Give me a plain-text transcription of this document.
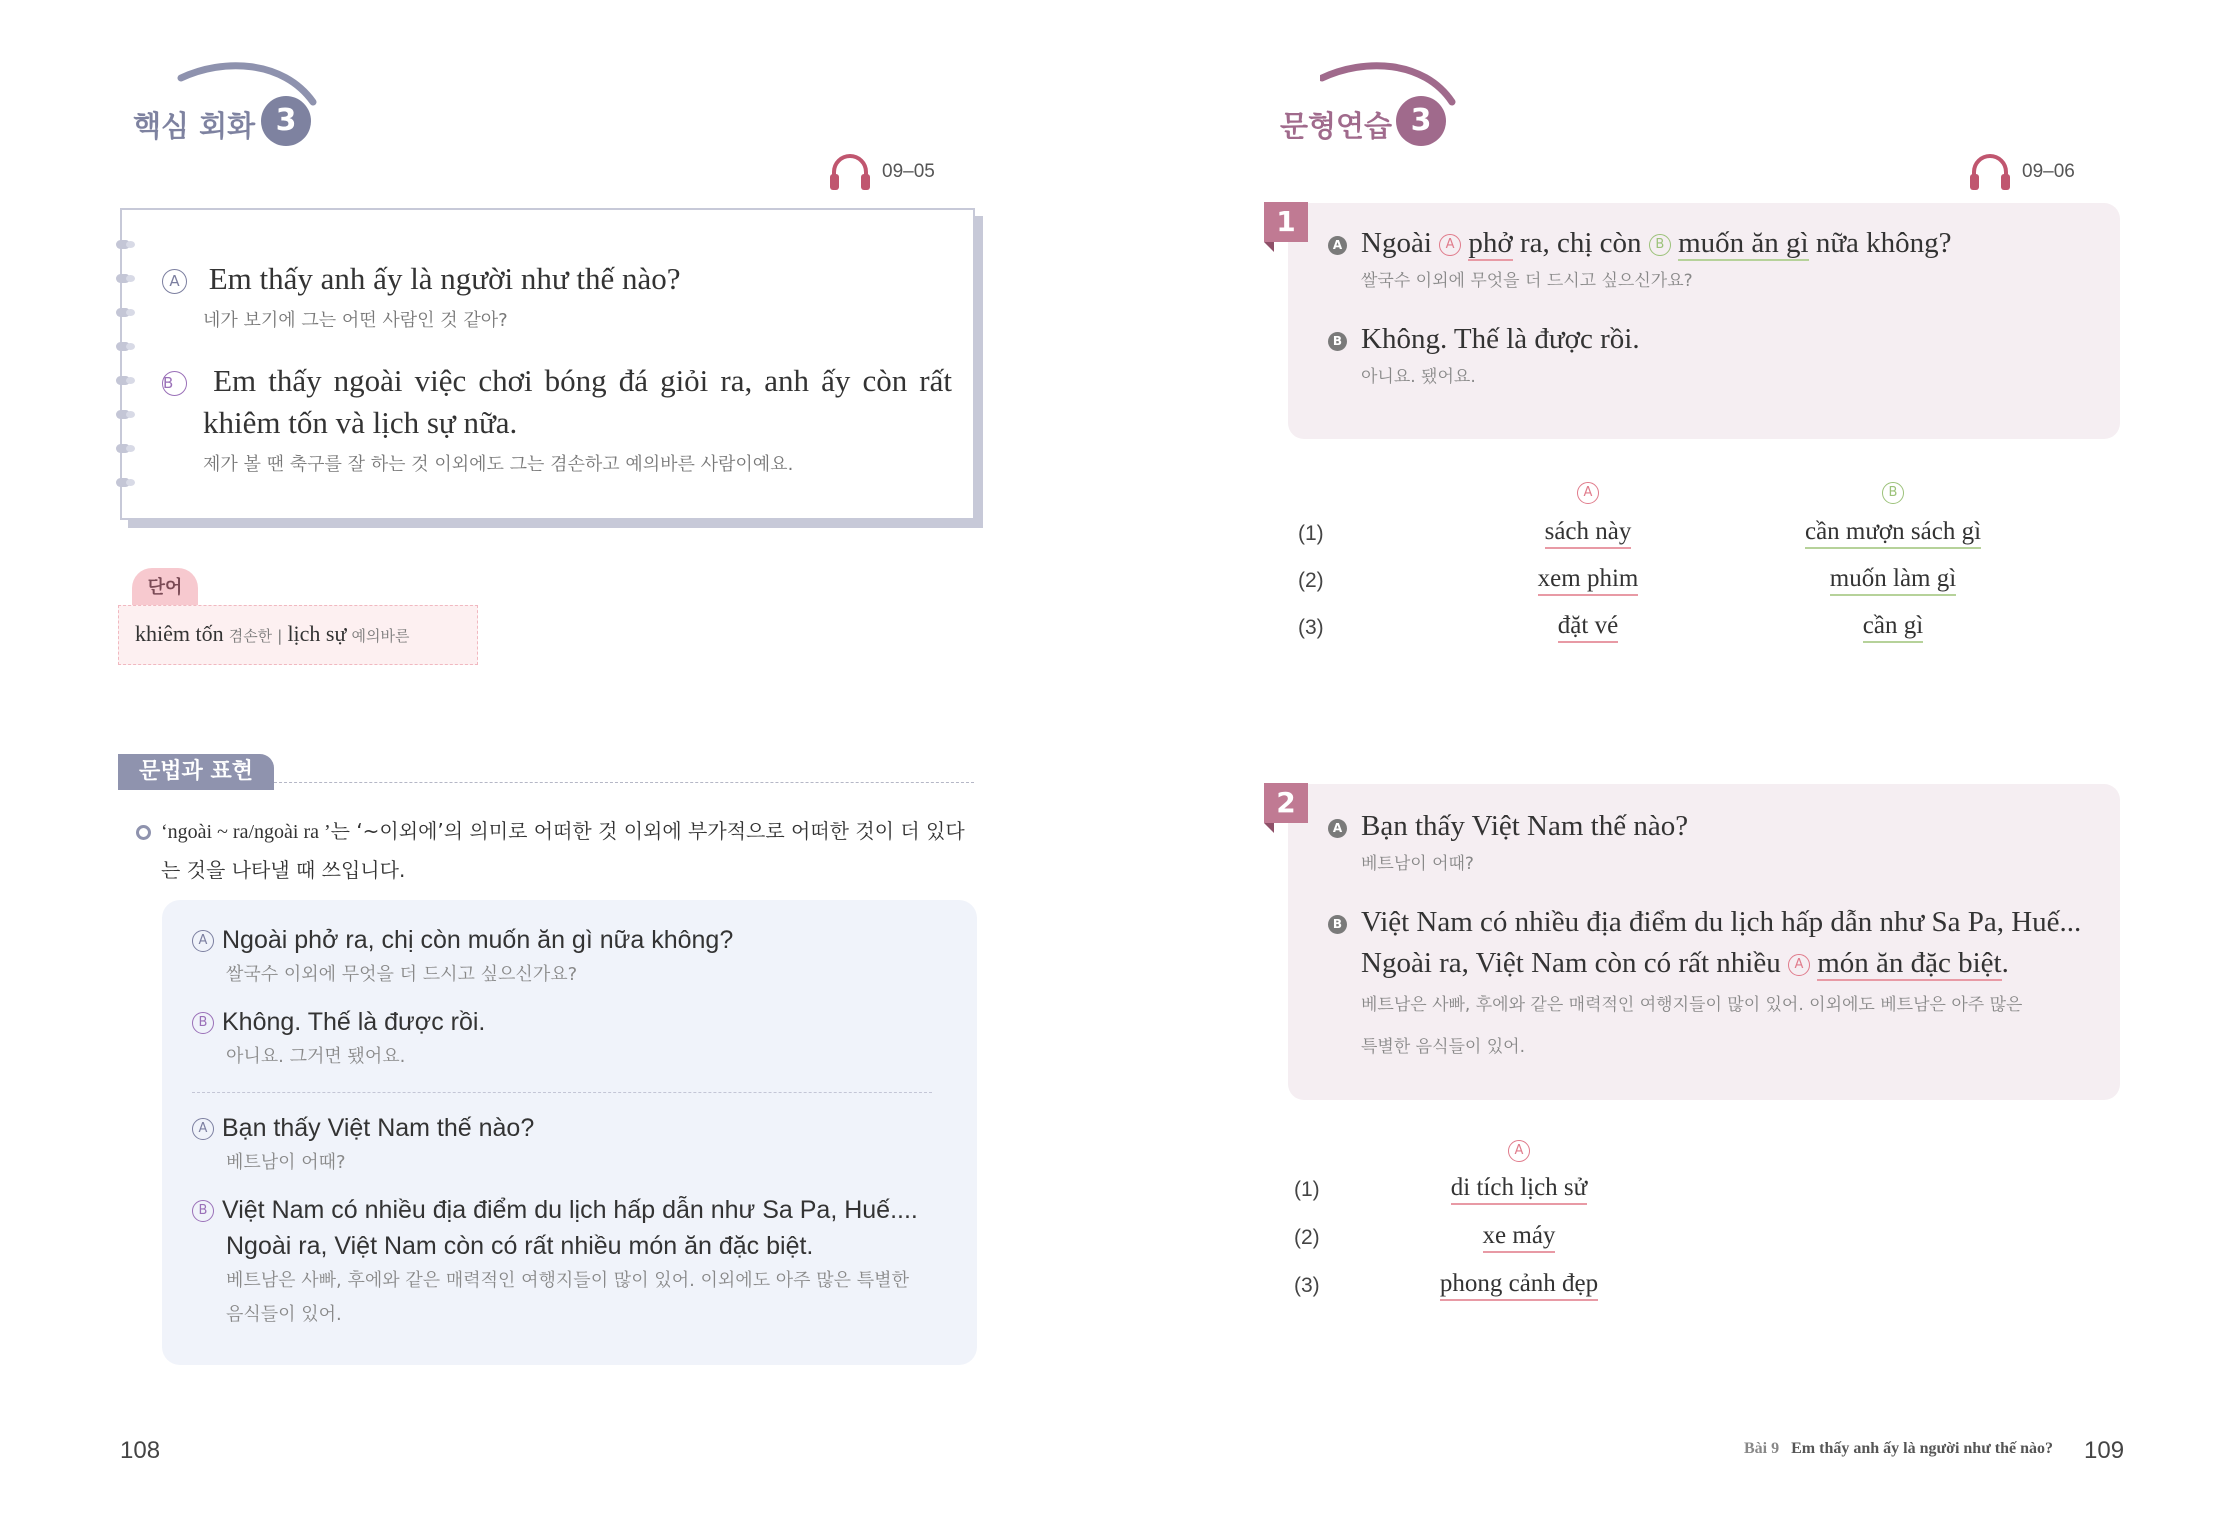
핵심 회화 3
09–05
A Em thấy anh ấy là người như thế nào?
네가 보기에 그는 어떤 사람인 것 같아?
B Em thấy ngoài việc chơi bóng đá giỏi ra, anh ấy còn rất
khiêm tốn và lịch sự nữa.
제가 볼 땐 축구를 잘 하는 것 이외에도 그는 겸손하고 예의바른 사람이예요.
단어
khiêm tốn 겸손한 | lịch sự 예의바른
문법과 표현
‘ngoài ~ ra/ngoài ra ’는 ‘~이외에’의 의미로 어떠한 것 이외에 부가적으로 어떠한 것이 더 있다
는 것을 나타낼 때 쓰입니다.
A Ngoài phở ra, chị còn muốn ăn gì nữa không?
쌀국수 이외에 무엇을 더 드시고 싶으신가요?
B Không. Thế là được rồi.
아니요. 그거면 됐어요.
A Bạn thấy Việt Nam thế nào?
베트남이 어때?
B Việt Nam có nhiều địa điểm du lịch hấp dẫn như Sa Pa, Huế....
Ngoài ra, Việt Nam còn có rất nhiều món ăn đặc biệt.
베트남은 사빠, 후에와 같은 매력적인 여행지들이 많이 있어. 이외에도 아주 많은 특별한
음식들이 있어.
108
문형연습 3
09–06
A Ngoài A phở ra, chị còn B muốn ăn gì nữa không?
쌀국수 이외에 무엇을 더 드시고 싶으신가요?
B Không. Thế là được rồi.
아니요. 됐어요.
1
A	B
(1)	sách này	cần mượn sách gì
(2)	xem phim	muốn làm gì
(3)	đặt vé	cần gì
A Bạn thấy Việt Nam thế nào?
베트남이 어때?
B Việt Nam có nhiều địa điểm du lịch hấp dẫn như Sa Pa, Huế...
Ngoài ra, Việt Nam còn có rất nhiều A món ăn đặc biệt.
베트남은 사빠, 후에와 같은 매력적인 여행지들이 많이 있어. 이외에도 베트남은 아주 많은
특별한 음식들이 있어.
2
A
(1)	di tích lịch sử
(2)	xe máy
(3)	phong cảnh đẹp
Bài 9 Em thấy anh ấy là người như thế nào? 109
